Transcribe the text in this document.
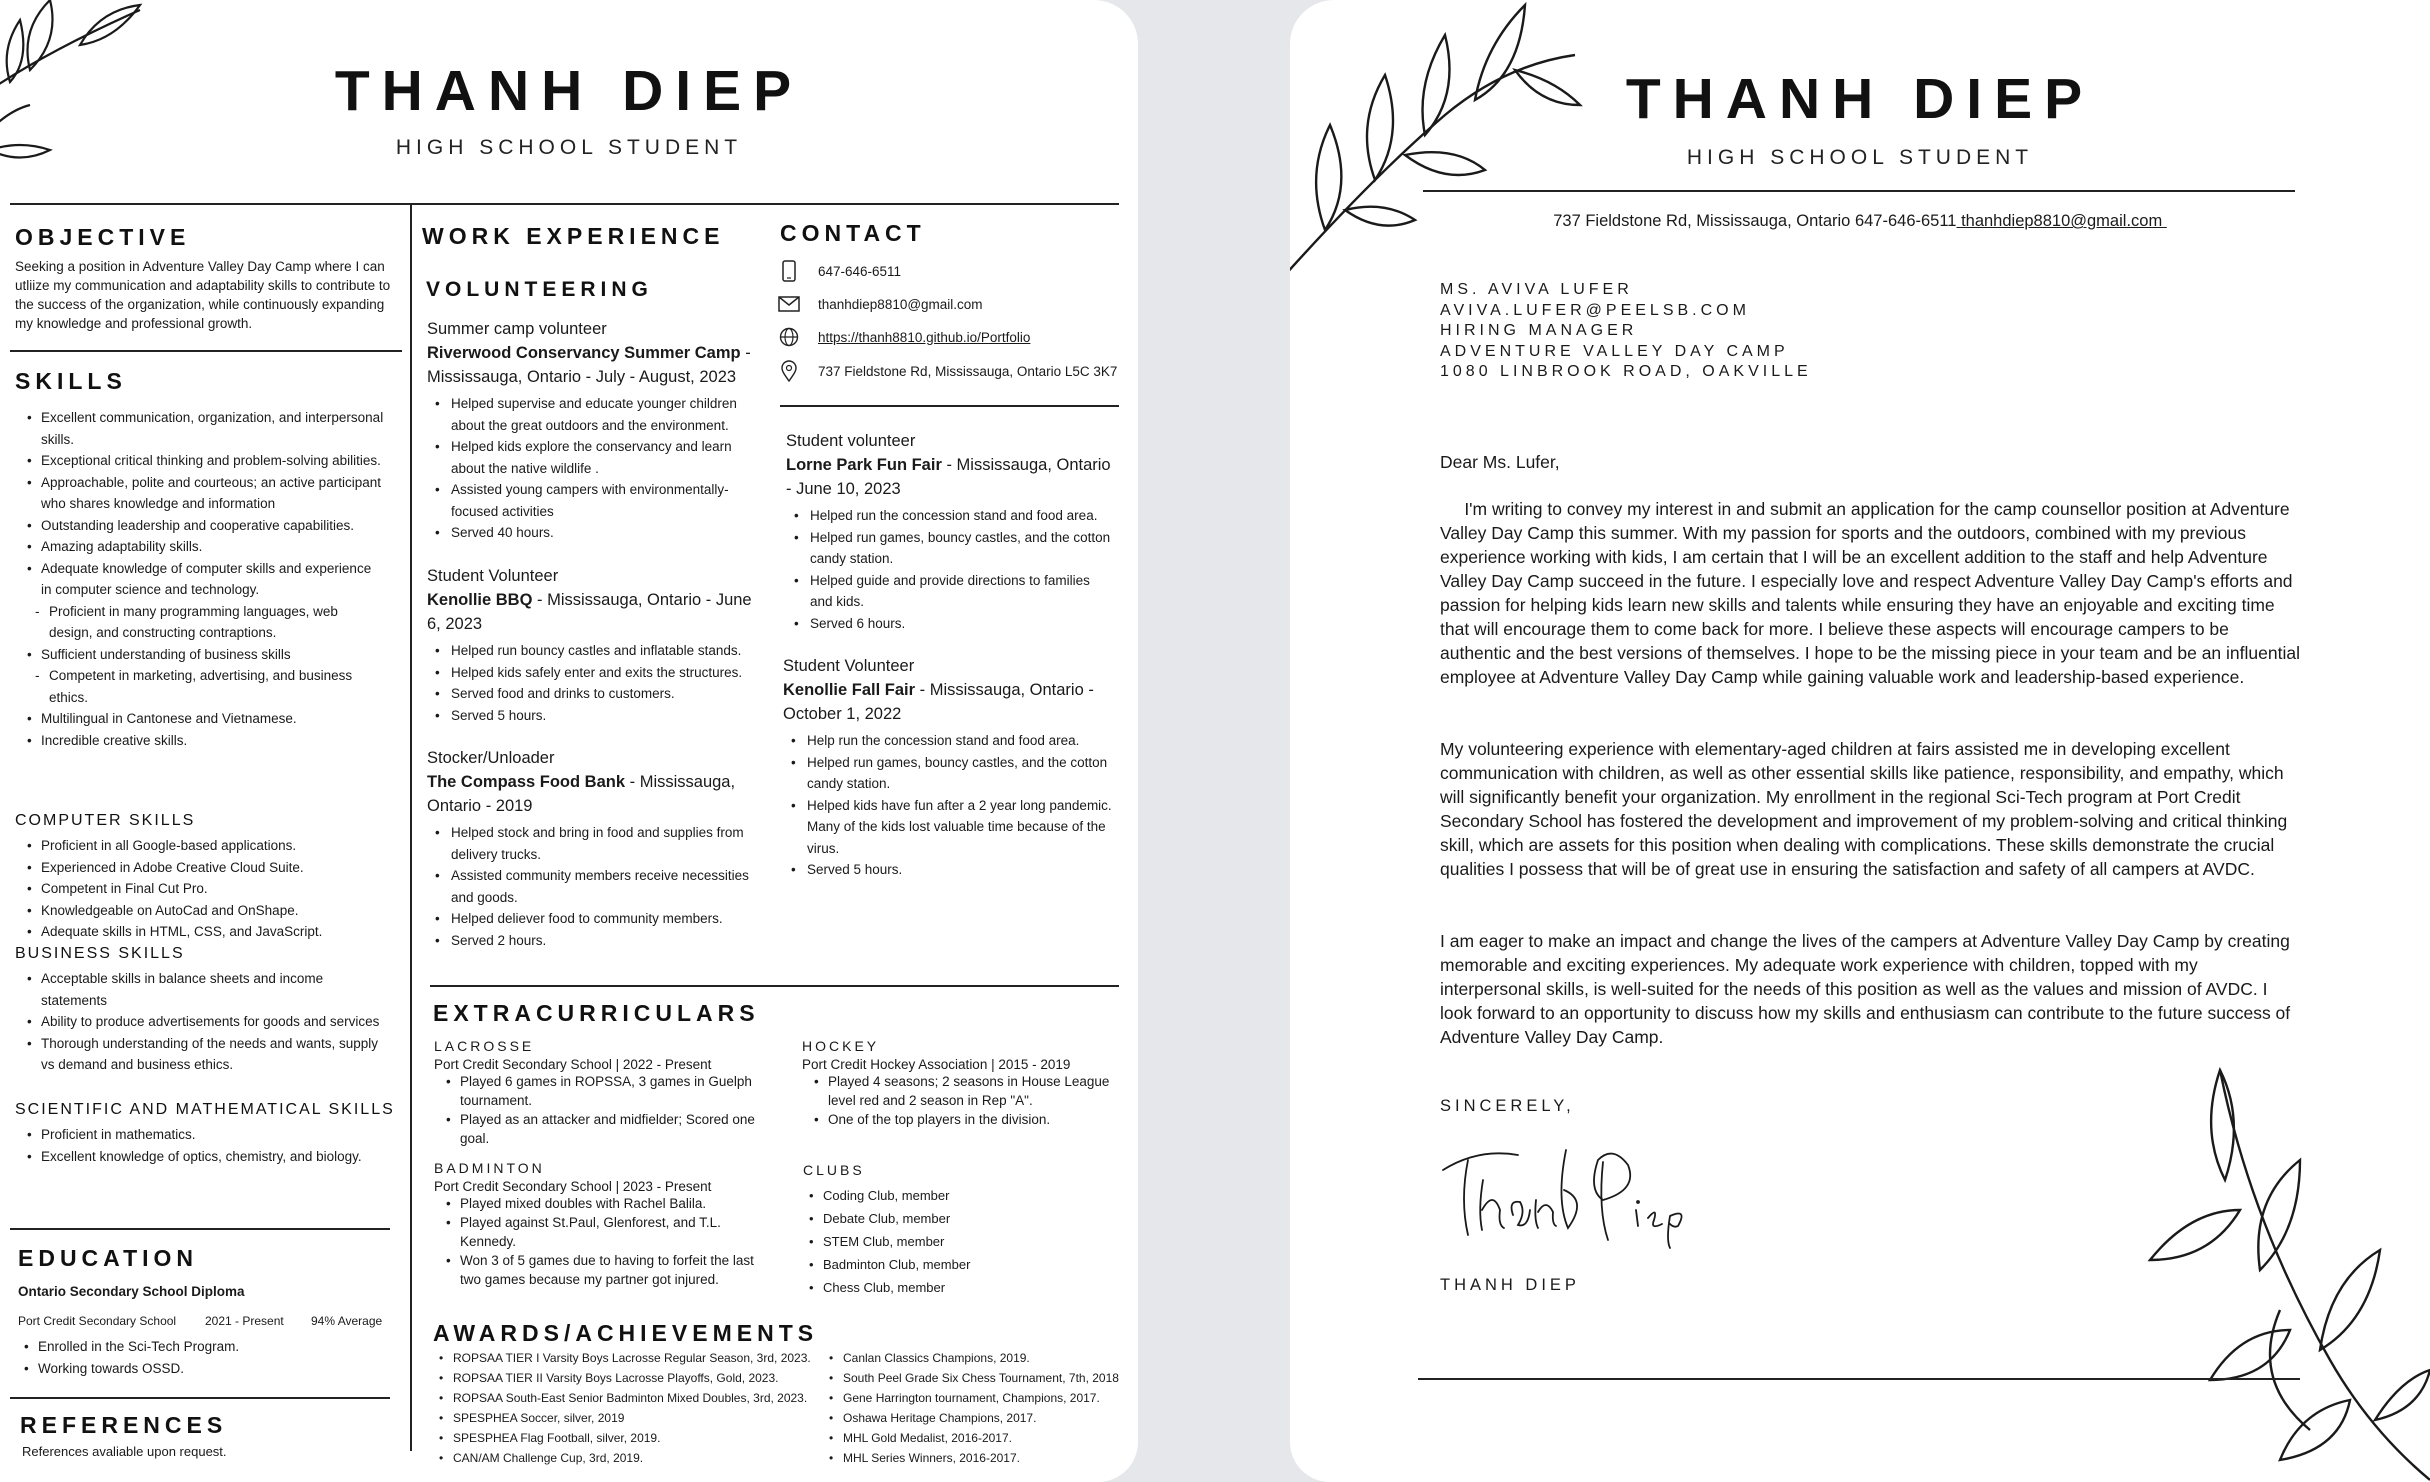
THANH DIEP
HIGH SCHOOL STUDENT
OBJECTIVE
Seeking a position in Adventure Valley Day Camp where I can utliize my communication and adaptability skills to contribute to the success of the organization, while continuously expanding my knowledge and professional growth.
SKILLS
• Excellent communication, organization, and interpersonal skills.
• Exceptional critical thinking and problem-solving abilities.
• Approachable, polite and courteous; an active participant who shares knowledge and information
• Outstanding leadership and cooperative capabilities.
• Amazing adaptability skills.
• Adequate knowledge of computer skills and experience in computer science and technology.
- Proficient in many programming languages, web design, and constructing contraptions.
• Sufficient understanding of business skills
- Competent in marketing, advertising, and business ethics.
• Multilingual in Cantonese and Vietnamese.
• Incredible creative skills.
COMPUTER SKILLS
• Proficient in all Google-based applications.
• Experienced in Adobe Creative Cloud Suite.
• Competent in Final Cut Pro.
• Knowledgeable on AutoCad and OnShape.
• Adequate skills in HTML, CSS, and JavaScript.
BUSINESS SKILLS
• Acceptable skills in balance sheets and income statements
• Ability to produce advertisements for goods and services
• Thorough understanding of the needs and wants, supply vs demand and business ethics.
SCIENTIFIC AND MATHEMATICAL SKILLS
• Proficient in mathematics.
• Excellent knowledge of optics, chemistry, and biology.
EDUCATION
Ontario Secondary School Diploma
Port Credit Secondary School 2021 - Present 94% Average
• Enrolled in the Sci-Tech Program.
• Working towards OSSD.
REFERENCES
References avaliable upon request.
WORK EXPERIENCE
VOLUNTEERING
Summer camp volunteer
Riverwood Conservancy Summer Camp - Mississauga, Ontario - July - August, 2023
• Helped supervise and educate younger children about the great outdoors and the environment.
• Helped kids explore the conservancy and learn about the native wildlife .
• Assisted young campers with environmentally-focused activities
• Served 40 hours.
Student Volunteer
Kenollie BBQ - Mississauga, Ontario - June 6, 2023
• Helped run bouncy castles and inflatable stands.
• Helped kids safely enter and exits the structures.
• Served food and drinks to customers.
• Served 5 hours.
Stocker/Unloader
The Compass Food Bank - Mississauga, Ontario - 2019
• Helped stock and bring in food and supplies from delivery trucks.
• Assisted community members receive necessities and goods.
• Helped deliever food to community members.
• Served 2 hours.
CONTACT
647-646-6511
thanhdiep8810@gmail.com
https://thanh8810.github.io/Portfolio
737 Fieldstone Rd, Mississauga, Ontario L5C 3K7
Student volunteer
Lorne Park Fun Fair - Mississauga, Ontario - June 10, 2023
• Helped run the concession stand and food area.
• Helped run games, bouncy castles, and the cotton candy station.
• Helped guide and provide directions to families and kids.
• Served 6 hours.
Student Volunteer
Kenollie Fall Fair - Mississauga, Ontario - October 1, 2022
• Help run the concession stand and food area.
• Helped run games, bouncy castles, and the cotton candy station.
• Helped kids have fun after a 2 year long pandemic. Many of the kids lost valuable time because of the virus.
• Served 5 hours.
EXTRACURRICULARS
LACROSSE
Port Credit Secondary School | 2022 - Present
• Played 6 games in ROPSSA, 3 games in Guelph tournament.
• Played as an attacker and midfielder; Scored one goal.
BADMINTON
Port Credit Secondary School | 2023 - Present
• Played mixed doubles with Rachel Balila.
• Played against St.Paul, Glenforest, and T.L. Kennedy.
• Won 3 of 5 games due to having to forfeit the last two games because my partner got injured.
HOCKEY
Port Credit Hockey Association | 2015 - 2019
• Played 4 seasons; 2 seasons in House League level red and 2 season in Rep "A".
• One of the top players in the division.
CLUBS
• Coding Club, member
• Debate Club, member
• STEM Club, member
• Badminton Club, member
• Chess Club, member
AWARDS/ACHIEVEMENTS
• ROPSAA TIER I Varsity Boys Lacrosse Regular Season, 3rd, 2023.
• ROPSAA TIER II Varsity Boys Lacrosse Playoffs, Gold, 2023.
• ROPSAA South-East Senior Badminton Mixed Doubles, 3rd, 2023.
• SPESPHEA Soccer, silver, 2019
• SPESPHEA Flag Football, silver, 2019.
• CAN/AM Challenge Cup, 3rd, 2019.
• Canlan Classics Champions, 2019.
• South Peel Grade Six Chess Tournament, 7th, 2018
• Gene Harrington tournament, Champions, 2017.
• Oshawa Heritage Champions, 2017.
• MHL Gold Medalist, 2016-2017.
• MHL Series Winners, 2016-2017.
THANH DIEP
HIGH SCHOOL STUDENT
737 Fieldstone Rd, Mississauga, Ontario 647-646-6511 thanhdiep8810@gmail.com
MS. AVIVA LUFER
AVIVA.LUFER@PEELSB.COM
HIRING MANAGER
ADVENTURE VALLEY DAY CAMP
1080 LINBROOK ROAD, OAKVILLE
Dear Ms. Lufer,
I'm writing to convey my interest in and submit an application for the camp counsellor position at Adventure Valley Day Camp this summer. With my passion for sports and the outdoors, combined with my previous experience working with kids, I am certain that I will be an excellent addition to the staff and help Adventure Valley Day Camp succeed in the future. I especially love and respect Adventure Valley Day Camp's efforts and passion for helping kids learn new skills and talents while ensuring they have an enjoyable and exciting time that will encourage them to come back for more. I believe these aspects will encourage campers to be authentic and the best versions of themselves. I hope to be the missing piece in your team and be an influential employee at Adventure Valley Day Camp while gaining valuable work and leadership-based experience.
My volunteering experience with elementary-aged children at fairs assisted me in developing excellent communication with children, as well as other essential skills like patience, responsibility, and empathy, which will significantly benefit your organization. My enrollment in the regional Sci-Tech program at Port Credit Secondary School has fostered the development and improvement of my problem-solving and critical thinking skill, which are assets for this position when dealing with complications. These skills demonstrate the crucial qualities I possess that will be of great use in ensuring the satisfaction and safety of all campers at AVDC.
I am eager to make an impact and change the lives of the campers at Adventure Valley Day Camp by creating memorable and exciting experiences. My adequate work experience with children, topped with my interpersonal skills, is well-suited for the needs of this position as well as the values and mission of AVDC. I look forward to an opportunity to discuss how my skills and enthusiasm can contribute to the future success of Adventure Valley Day Camp.
SINCERELY,
THANH DIEP
